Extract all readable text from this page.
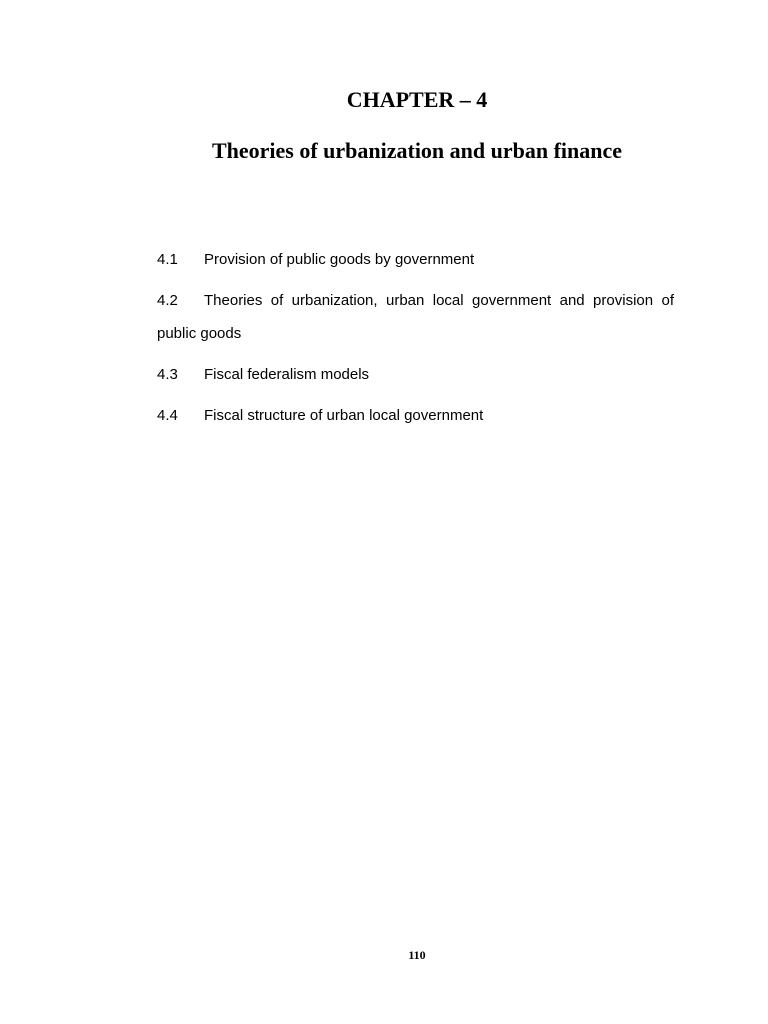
CHAPTER – 4
Theories of urbanization and urban finance
4.1 Provision of public goods by government
4.2 Theories of urbanization, urban local government and provision of public goods
4.3 Fiscal federalism models
4.4 Fiscal structure of urban local government
110
